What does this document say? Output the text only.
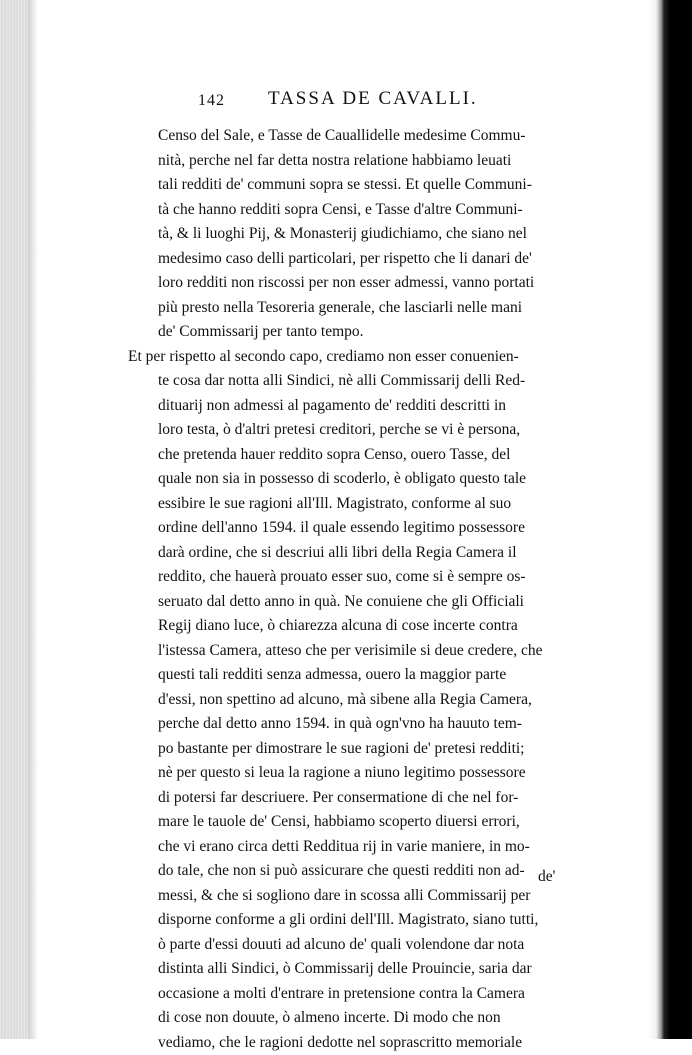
142 TASSA DE CAVALLI.
Censo del Sale, e Tasse de Cauallidelle medesime Commu-
nità, perche nel far detta nostra relatione habbiamo leuati
tali redditi de' communi sopra se stessi. Et quelle Communi-
tà che hanno redditi sopra Censi, e Tasse d'altre Communi-
tà, & li luoghi Pij, & Monasterij giudichiamo, che siano nel
medesimo caso delli particolari, per rispetto che li danari de'
loro redditi non riscossi per non esser admessi, vanno portati
più presto nella Tesoreria generale, che lasciarli nelle mani
de' Commissarij per tanto tempo.
Et per rispetto al secondo capo, crediamo non esser conuenien-
te cosa dar notta alli Sindici, nè alli Commissarij delli Red-
dituarij non admessi al pagamento de' redditi descritti in
loro testa, ò d'altri pretesi creditori, perche se vi è persona,
che pretenda hauer reddito sopra Censo, ouero Tasse, del
quale non sia in possesso di scoderlo, è obligato questo tale
essibire le sue ragioni all'Ill. Magistrato, conforme al suo
ordine dell'anno 1594. il quale essendo legitimo possessore
darà ordine, che si descriui alli libri della Regia Camera il
reddito, che hauerà prouato esser suo, come si è sempre os-
seruato dal detto anno in quà. Ne conuiene che gli Officiali
Regij diano luce, ò chiarezza alcuna di cose incerte contra
l'istessa Camera, atteso che per verisimile si deue credere, che
questi tali redditi senza admessa, ouero la maggior parte
d'essi, non spettino ad alcuno, mà sibene alla Regia Camera,
perche dal detto anno 1594. in quà ogn'vno ha hauuto tem-
po bastante per dimostrare le sue ragioni de' pretesi redditi;
nè per questo si leua la ragione a niuno legitimo possessore
di potersi far descriuere. Per consermatione di che nel for-
mare le tauole de' Censi, habbiamo scoperto diuersi errori,
che vi erano circa detti Redditua rij in varie maniere, in mo-
do tale, che non si può assicurare che questi redditi non ad-
messi, & che si sogliono dare in scossa alli Commissarij per
disporne conforme a gli ordini dell'Ill. Magistrato, siano tutti,
ò parte d'essi douuti ad alcuno de' quali volendone dar nota
distinta alli Sindici, ò Commissarij delle Prouincie, saria dar
occasione a molti d'entrare in pretensione contra la Camera
di cose non douute, ò almeno incerte. Di modo che non
vediamo, che le ragioni dedotte nel soprascritto memoriale
de'
